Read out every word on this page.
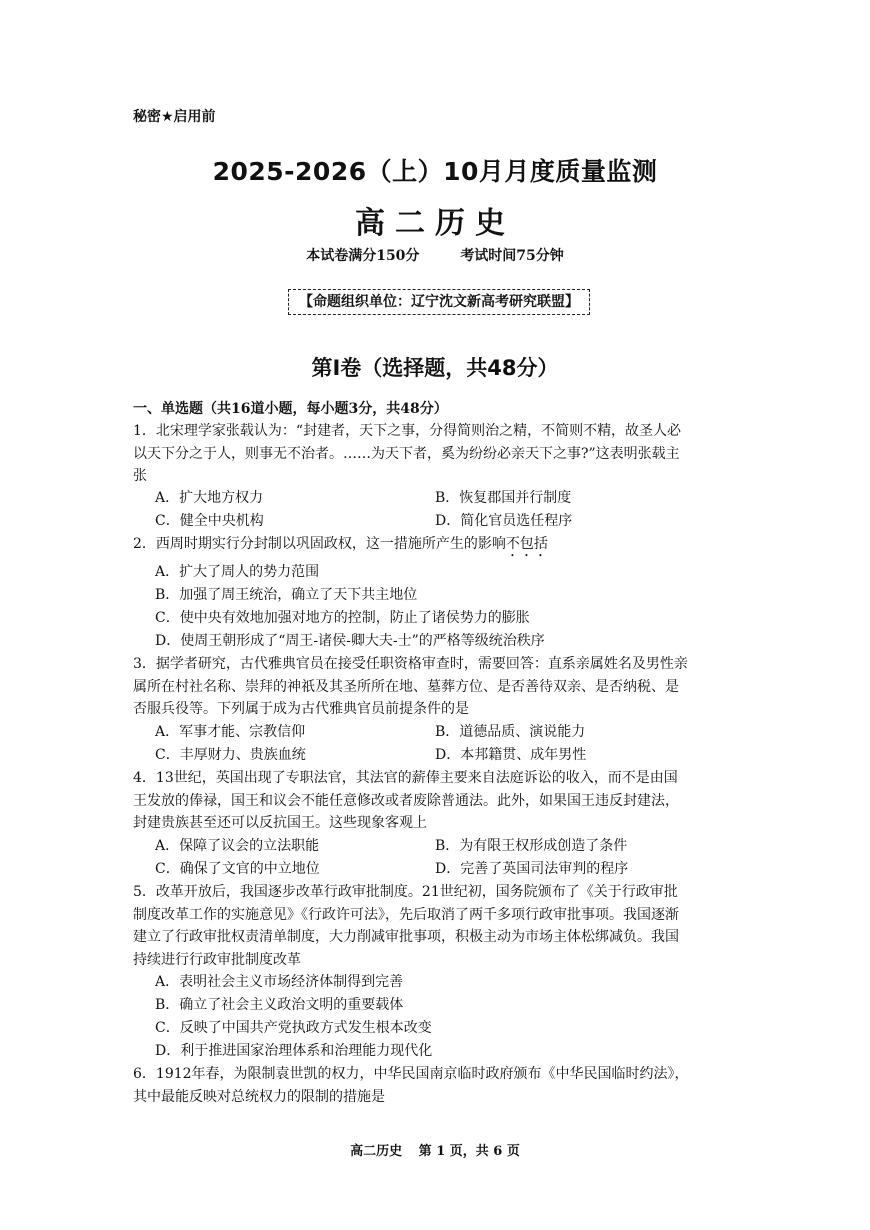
秘密★启用前
2025-2026（上）10月月度质量监测
高二历史
本试卷满分150分	考试时间75分钟
【命题组织单位：辽宁沈文新高考研究联盟】
第Ⅰ卷（选择题，共48分）
一、单选题（共16道小题，每小题3分，共48分）
1．北宋理学家张载认为：“封建者，天下之事，分得简则治之精，不简则不精，故圣人必
以天下分之于人，则事无不治者。……为天下者，奚为纷纷必亲天下之事?”这表明张载主
张
A．扩大地方权力	B．恢复郡国并行制度
C．健全中央机构	D．简化官员选任程序
2．西周时期实行分封制以巩固政权，这一措施所产生的影响不包括
A．扩大了周人的势力范围
B．加强了周王统治，确立了天下共主地位
C．使中央有效地加强对地方的控制，防止了诸侯势力的膨胀
D．使周王朝形成了“周王-诸侯-卿大夫-士”的严格等级统治秩序
3．据学者研究，古代雅典官员在接受任职资格审查时，需要回答：直系亲属姓名及男性亲
属所在村社名称、崇拜的神祇及其圣所所在地、墓葬方位、是否善待双亲、是否纳税、是
否服兵役等。下列属于成为古代雅典官员前提条件的是
A．军事才能、宗教信仰	B．道德品质、演说能力
C．丰厚财力、贵族血统	D．本邦籍贯、成年男性
4．13世纪，英国出现了专职法官，其法官的薪俸主要来自法庭诉讼的收入，而不是由国
王发放的俸禄，国王和议会不能任意修改或者废除普通法。此外，如果国王违反封建法，
封建贵族甚至还可以反抗国王。这些现象客观上
A．保障了议会的立法职能	B．为有限王权形成创造了条件
C．确保了文官的中立地位	D．完善了英国司法审判的程序
5．改革开放后，我国逐步改革行政审批制度。21世纪初，国务院颁布了《关于行政审批
制度改革工作的实施意见》《行政许可法》，先后取消了两千多项行政审批事项。我国逐渐
建立了行政审批权责清单制度，大力削减审批事项，积极主动为市场主体松绑减负。我国
持续进行行政审批制度改革
A．表明社会主义市场经济体制得到完善
B．确立了社会主义政治文明的重要载体
C．反映了中国共产党执政方式发生根本改变
D．利于推进国家治理体系和治理能力现代化
6．1912年春，为限制袁世凯的权力，中华民国南京临时政府颁布《中华民国临时约法》，
其中最能反映对总统权力的限制的措施是
高二历史 第 1 页，共 6 页
